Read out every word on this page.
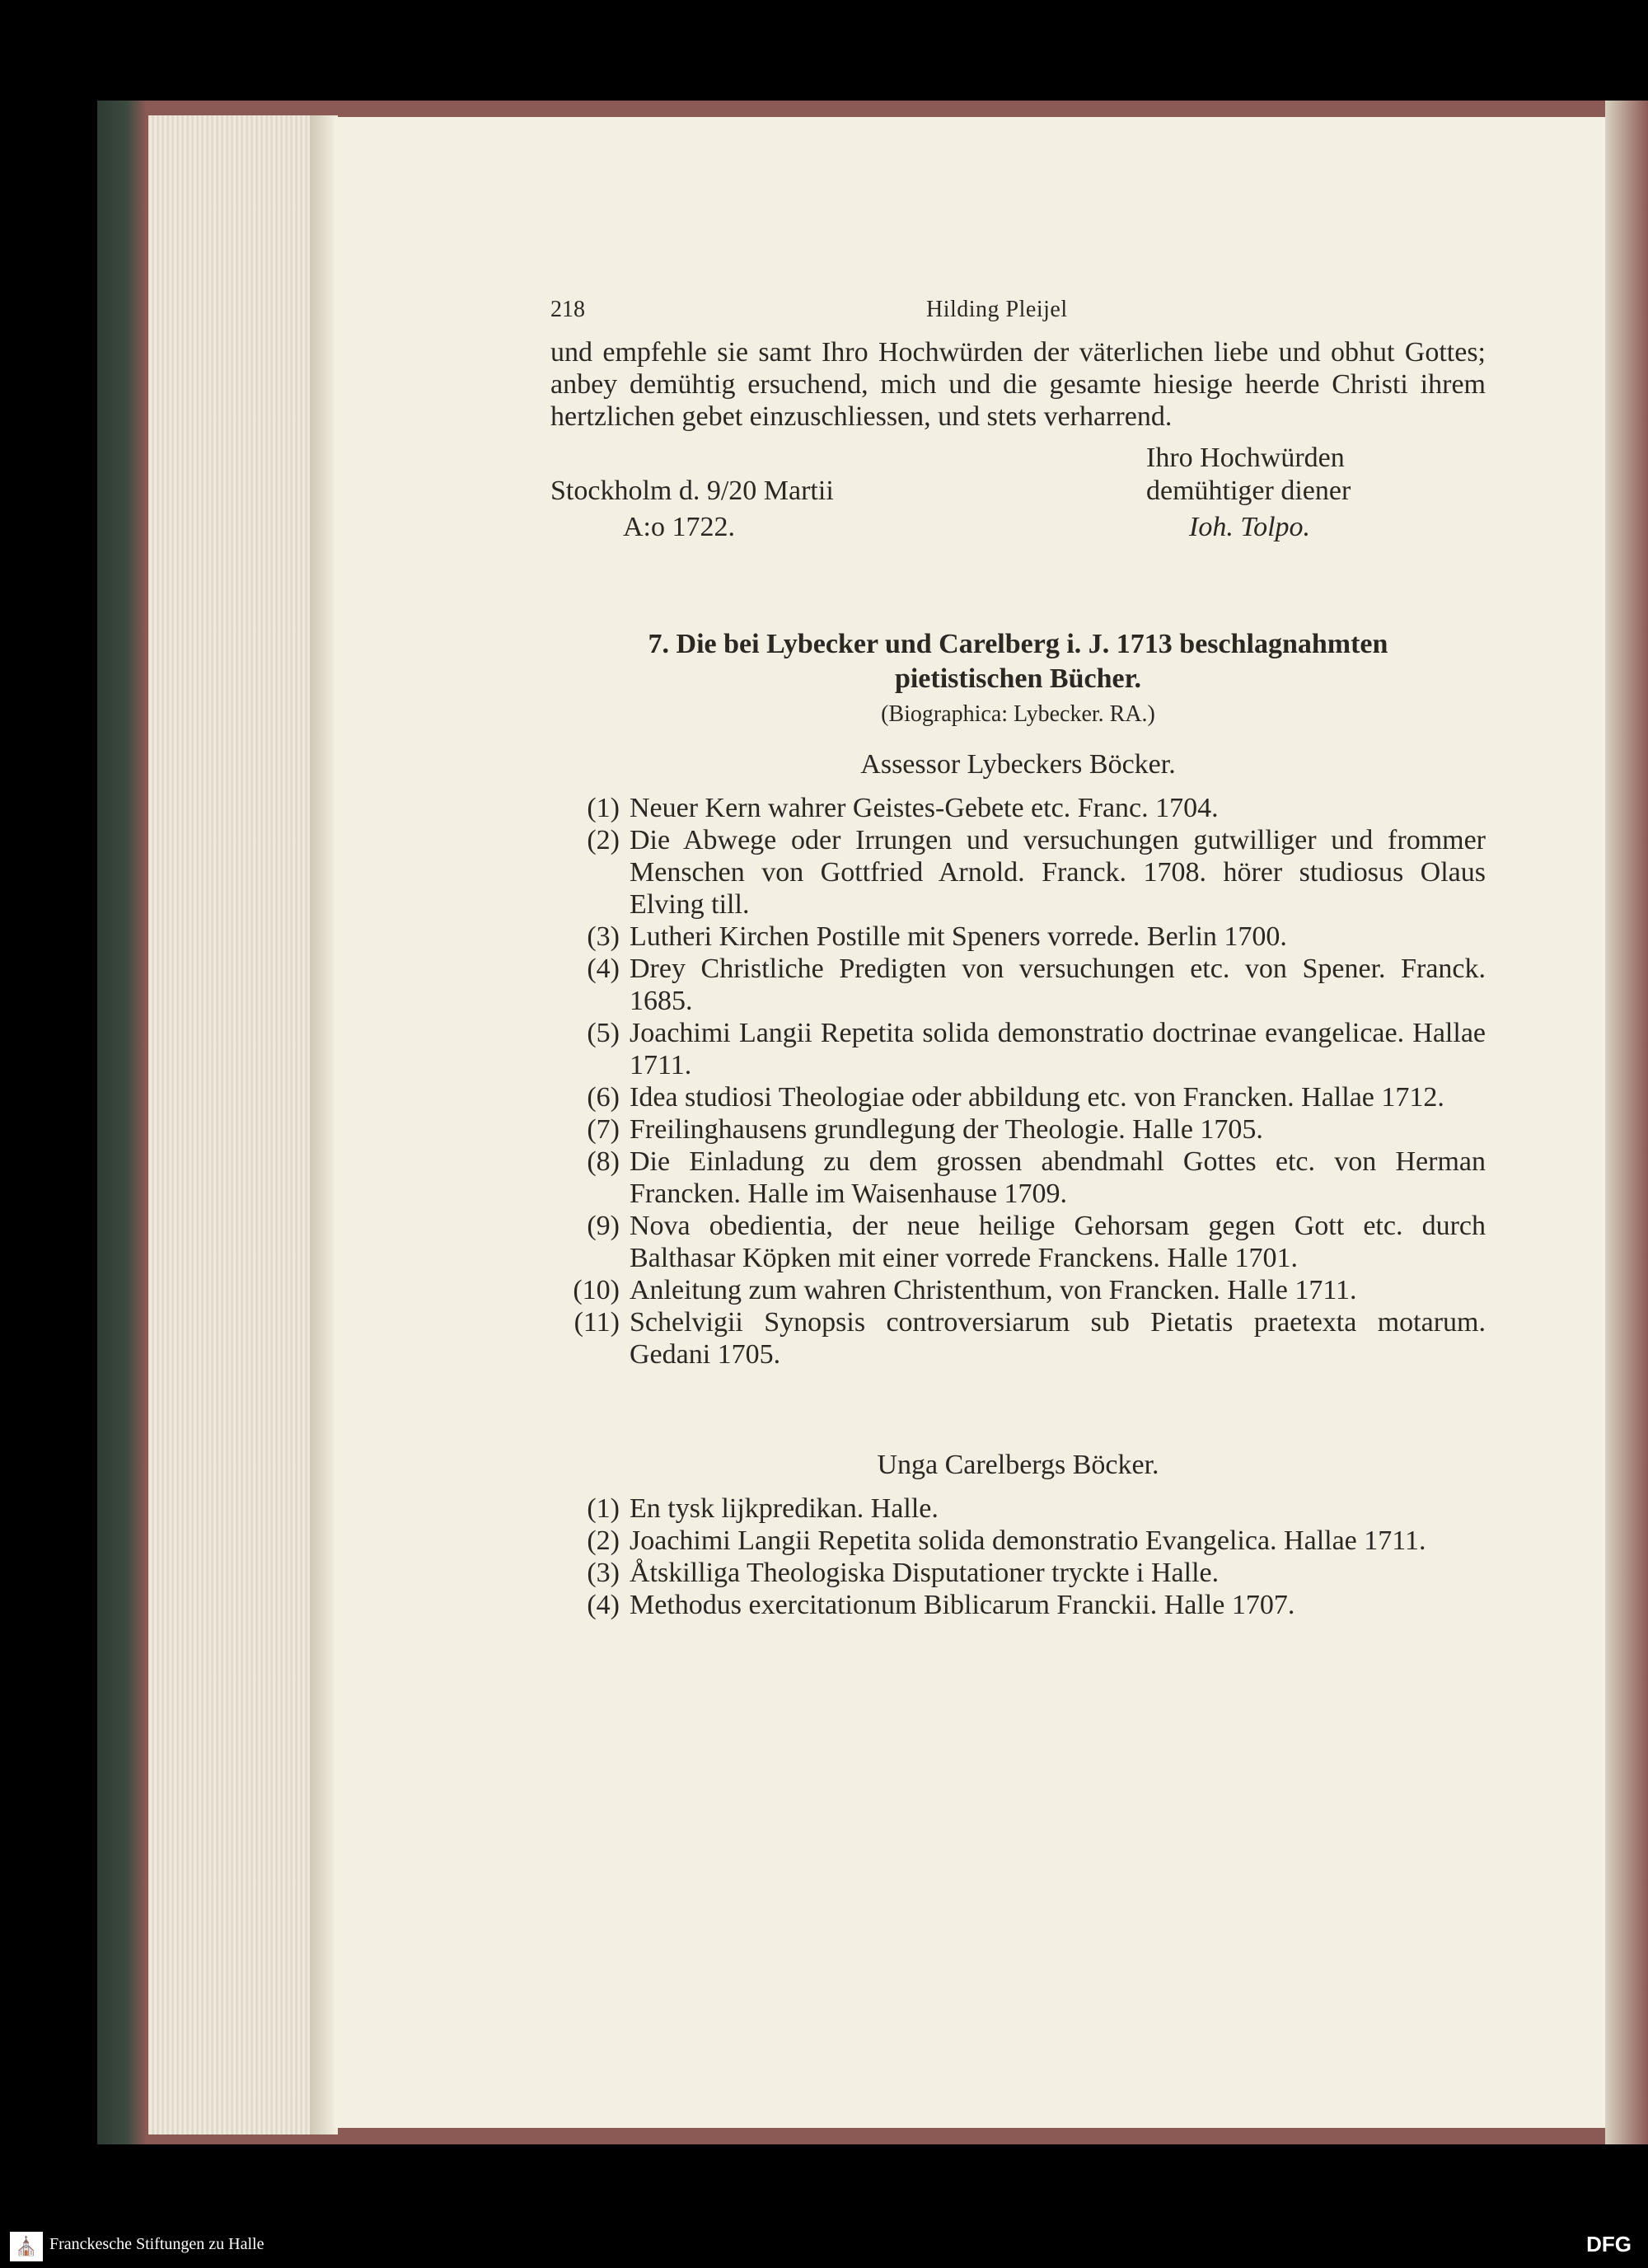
218	Hilding Pleijel
und empfehle sie samt Ihro Hochwürden der väterlichen liebe und obhut Gottes; anbey demühtig ersuchend, mich und die gesamte hiesige heerde Christi ihrem hertzlichen gebet einzuschliessen, und stets verharrend.
Ihro Hochwürden
Stockholm d. 9/20 Martii	demühtiger diener
A:o 1722.	Ioh. Tolpo.
7. Die bei Lybecker und Carelberg i. J. 1713 beschlagnahmten
pietistischen Bücher.
(Biographica: Lybecker. RA.)
Assessor Lybeckers Böcker.
(1) Neuer Kern wahrer Geistes-Gebete etc. Franc. 1704.
(2) Die Abwege oder Irrungen und versuchungen gutwilliger und frommer Menschen von Gottfried Arnold. Franck. 1708. hörer studiosus Olaus Elving till.
(3) Lutheri Kirchen Postille mit Speners vorrede. Berlin 1700.
(4) Drey Christliche Predigten von versuchungen etc. von Spener. Franck. 1685.
(5) Joachimi Langii Repetita solida demonstratio doctrinae evangelicae. Hallae 1711.
(6) Idea studiosi Theologiae oder abbildung etc. von Francken. Hallae 1712.
(7) Freilinghausens grundlegung der Theologie. Halle 1705.
(8) Die Einladung zu dem grossen abendmahl Gottes etc. von Herman Francken. Halle im Waisenhause 1709.
(9) Nova obedientia, der neue heilige Gehorsam gegen Gott etc. durch Balthasar Köpken mit einer vorrede Franckens. Halle 1701.
(10) Anleitung zum wahren Christenthum, von Francken. Halle 1711.
(11) Schelvigii Synopsis controversiarum sub Pietatis praetexta motarum. Gedani 1705.
Unga Carelbergs Böcker.
(1) En tysk lijkpredikan. Halle.
(2) Joachimi Langii Repetita solida demonstratio Evangelica. Hallae 1711.
(3) Åtskilliga Theologiska Disputationer tryckte i Halle.
(4) Methodus exercitationum Biblicarum Franckii. Halle 1707.
⛪ Franckesche Stiftungen zu Halle	DFG
